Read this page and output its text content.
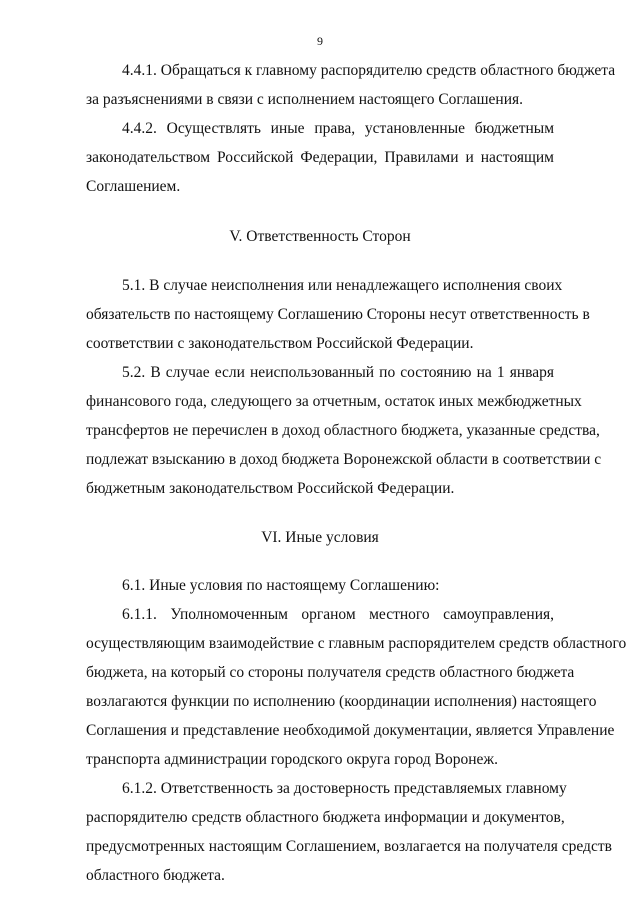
9
4.4.1. Обращаться к главному распорядителю средств областного бюджета
за разъяснениями в связи с исполнением настоящего Соглашения.
4.4.2. Осуществлять иные права, установленные бюджетным
законодательством Российской Федерации, Правилами и настоящим
Соглашением.
V. Ответственность Сторон
5.1. В случае неисполнения или ненадлежащего исполнения своих
обязательств по настоящему Соглашению Стороны несут ответственность в
соответствии с законодательством Российской Федерации.
5.2. В случае если неиспользованный по состоянию на 1 января
финансового года, следующего за отчетным, остаток иных межбюджетных
трансфертов не перечислен в доход областного бюджета, указанные средства,
подлежат взысканию в доход бюджета Воронежской области в соответствии с
бюджетным законодательством Российской Федерации.
VI. Иные условия
6.1. Иные условия по настоящему Соглашению:
6.1.1. Уполномоченным органом местного самоуправления,
осуществляющим взаимодействие с главным распорядителем средств областного
бюджета, на который со стороны получателя средств областного бюджета
возлагаются функции по исполнению (координации исполнения) настоящего
Соглашения и представление необходимой документации, является Управление
транспорта администрации городского округа город Воронеж.
6.1.2. Ответственность за достоверность представляемых главному
распорядителю средств областного бюджета информации и документов,
предусмотренных настоящим Соглашением, возлагается на получателя средств
областного бюджета.
